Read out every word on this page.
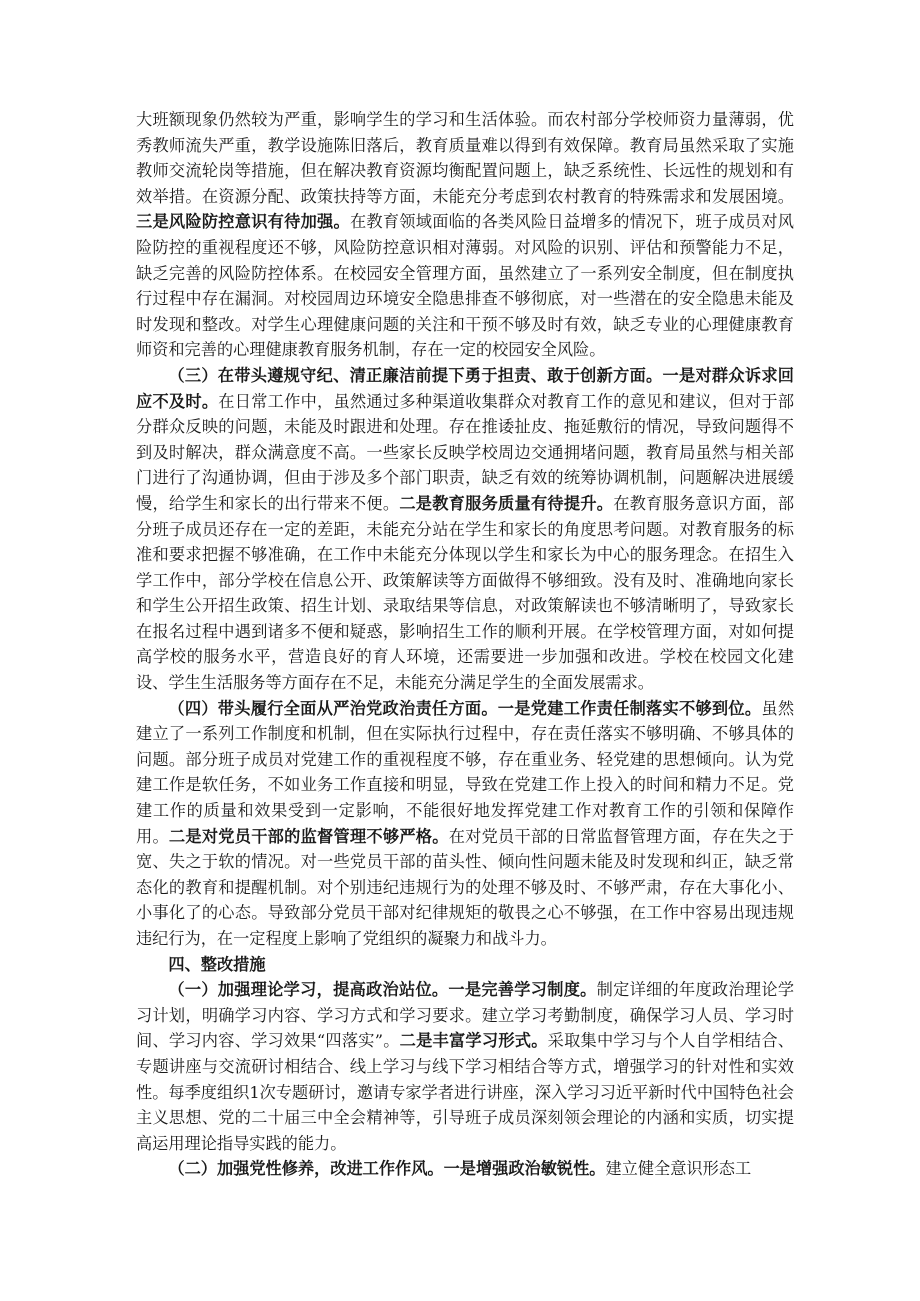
大班额现象仍然较为严重，影响学生的学习和生活体验。而农村部分学校师资力量薄弱，优秀教师流失严重，教学设施陈旧落后，教育质量难以得到有效保障。教育局虽然采取了实施教师交流轮岗等措施，但在解决教育资源均衡配置问题上，缺乏系统性、长远性的规划和有效举措。在资源分配、政策扶持等方面，未能充分考虑到农村教育的特殊需求和发展困境。三是风险防控意识有待加强。在教育领域面临的各类风险日益增多的情况下，班子成员对风险防控的重视程度还不够，风险防控意识相对薄弱。对风险的识别、评估和预警能力不足，缺乏完善的风险防控体系。在校园安全管理方面，虽然建立了一系列安全制度，但在制度执行过程中存在漏洞。对校园周边环境安全隐患排查不够彻底，对一些潜在的安全隐患未能及时发现和整改。对学生心理健康问题的关注和干预不够及时有效，缺乏专业的心理健康教育师资和完善的心理健康教育服务机制，存在一定的校园安全风险。

（三）在带头遵规守纪、清正廉洁前提下勇于担责、敢于创新方面。一是对群众诉求回应不及时。在日常工作中，虽然通过多种渠道收集群众对教育工作的意见和建议，但对于部分群众反映的问题，未能及时跟进和处理。存在推诿扯皮、拖延敷衍的情况，导致问题得不到及时解决，群众满意度不高。一些家长反映学校周边交通拥堵问题，教育局虽然与相关部门进行了沟通协调，但由于涉及多个部门职责，缺乏有效的统筹协调机制，问题解决进展缓慢，给学生和家长的出行带来不便。二是教育服务质量有待提升。在教育服务意识方面，部分班子成员还存在一定的差距，未能充分站在学生和家长的角度思考问题。对教育服务的标准和要求把握不够准确，在工作中未能充分体现以学生和家长为中心的服务理念。在招生入学工作中，部分学校在信息公开、政策解读等方面做得不够细致。没有及时、准确地向家长和学生公开招生政策、招生计划、录取结果等信息，对政策解读也不够清晰明了，导致家长在报名过程中遇到诸多不便和疑惑，影响招生工作的顺利开展。在学校管理方面，对如何提高学校的服务水平，营造良好的育人环境，还需要进一步加强和改进。学校在校园文化建设、学生生活服务等方面存在不足，未能充分满足学生的全面发展需求。

（四）带头履行全面从严治党政治责任方面。一是党建工作责任制落实不够到位。虽然建立了一系列工作制度和机制，但在实际执行过程中，存在责任落实不够明确、不够具体的问题。部分班子成员对党建工作的重视程度不够，存在重业务、轻党建的思想倾向。认为党建工作是软任务，不如业务工作直接和明显，导致在党建工作上投入的时间和精力不足。党建工作的质量和效果受到一定影响，不能很好地发挥党建工作对教育工作的引领和保障作用。二是对党员干部的监督管理不够严格。在对党员干部的日常监督管理方面，存在失之于宽、失之于软的情况。对一些党员干部的苗头性、倾向性问题未能及时发现和纠正，缺乏常态化的教育和提醒机制。对个别违纪违规行为的处理不够及时、不够严肃，存在大事化小、小事化了的心态。导致部分党员干部对纪律规矩的敬畏之心不够强，在工作中容易出现违规违纪行为，在一定程度上影响了党组织的凝聚力和战斗力。

四、整改措施

（一）加强理论学习，提高政治站位。一是完善学习制度。制定详细的年度政治理论学习计划，明确学习内容、学习方式和学习要求。建立学习考勤制度，确保学习人员、学习时间、学习内容、学习效果“四落实”。二是丰富学习形式。采取集中学习与个人自学相结合、专题讲座与交流研讨相结合、线上学习与线下学习相结合等方式，增强学习的针对性和实效性。每季度组织1次专题研讨，邀请专家学者进行讲座，深入学习习近平新时代中国特色社会主义思想、党的二十届三中全会精神等，引导班子成员深刻领会理论的内涵和实质，切实提高运用理论指导实践的能力。

（二）加强党性修养，改进工作作风。一是增强政治敏锐性。建立健全意识形态工
